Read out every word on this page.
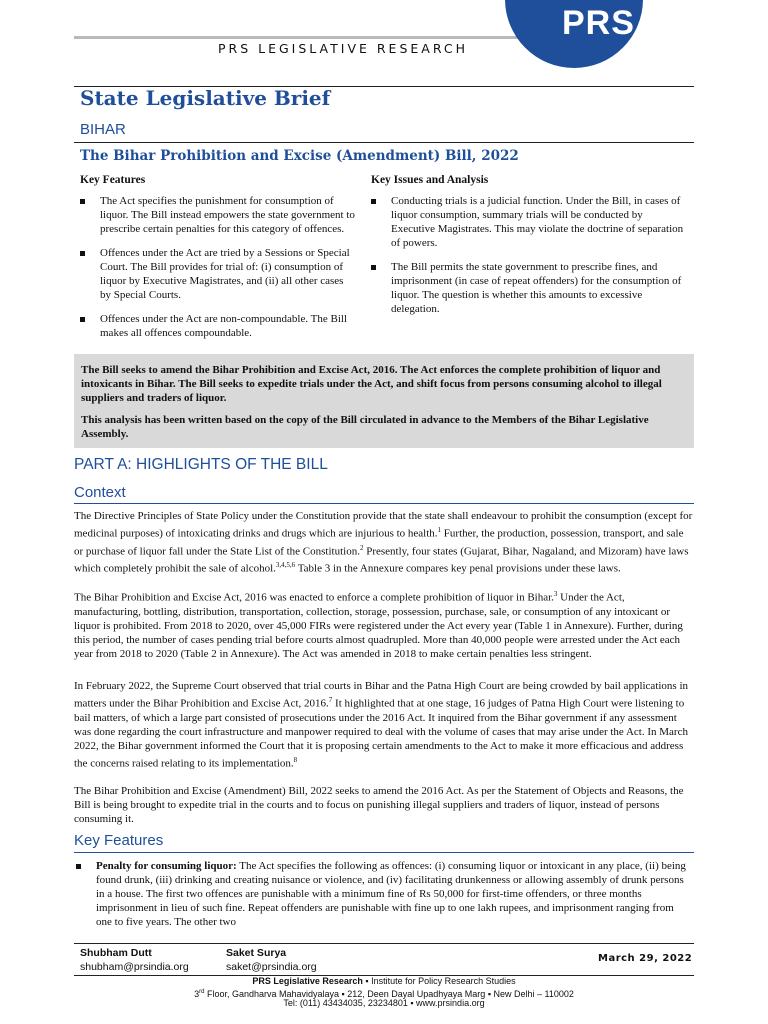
PRS
PRS LEGISLATIVE RESEARCH
State Legislative Brief
BIHAR
The Bihar Prohibition and Excise (Amendment) Bill, 2022
Key Features
The Act specifies the punishment for consumption of liquor. The Bill instead empowers the state government to prescribe certain penalties for this category of offences.
Offences under the Act are tried by a Sessions or Special Court. The Bill provides for trial of: (i) consumption of liquor by Executive Magistrates, and (ii) all other cases by Special Courts.
Offences under the Act are non-compoundable. The Bill makes all offences compoundable.
Key Issues and Analysis
Conducting trials is a judicial function. Under the Bill, in cases of liquor consumption, summary trials will be conducted by Executive Magistrates. This may violate the doctrine of separation of powers.
The Bill permits the state government to prescribe fines, and imprisonment (in case of repeat offenders) for the consumption of liquor. The question is whether this amounts to excessive delegation.

The Bill seeks to amend the Bihar Prohibition and Excise Act, 2016. The Act enforces the complete prohibition of liquor and intoxicants in Bihar. The Bill seeks to expedite trials under the Act, and shift focus from persons consuming alcohol to illegal suppliers and traders of liquor.

This analysis has been written based on the copy of the Bill circulated in advance to the Members of the Bihar Legislative Assembly.

PART A: HIGHLIGHTS OF THE BILL
Context

The Directive Principles of State Policy under the Constitution provide that the state shall endeavour to prohibit the consumption (except for medicinal purposes) of intoxicating drinks and drugs which are injurious to health.$^1$ Further, the production, possession, transport, and sale or purchase of liquor fall under the State List of the Constitution.$^2$ Presently, four states (Gujarat, Bihar, Nagaland, and Mizoram) have laws which completely prohibit the sale of alcohol.$^{3,4,5,6}$ Table 3 in the Annexure compares key penal provisions under these laws.

The Bihar Prohibition and Excise Act, 2016 was enacted to enforce a complete prohibition of liquor in Bihar.$^3$ Under the Act, manufacturing, bottling, distribution, transportation, collection, storage, possession, purchase, sale, or consumption of any intoxicant or liquor is prohibited. From 2018 to 2020, over 45,000 FIRs were registered under the Act every year (Table 1 in Annexure). Further, during this period, the number of cases pending trial before courts almost quadrupled. More than 40,000 people were arrested under the Act each year from 2018 to 2020 (Table 2 in Annexure). The Act was amended in 2018 to make certain penalties less stringent.

In February 2022, the Supreme Court observed that trial courts in Bihar and the Patna High Court are being crowded by bail applications in matters under the Bihar Prohibition and Excise Act, 2016.$^7$ It highlighted that at one stage, 16 judges of Patna High Court were listening to bail matters, of which a large part consisted of prosecutions under the 2016 Act. It inquired from the Bihar government if any assessment was done regarding the court infrastructure and manpower required to deal with the volume of cases that may arise under the Act. In March 2022, the Bihar government informed the Court that it is proposing certain amendments to the Act to make it more efficacious and address the concerns raised relating to its implementation.$^8$

The Bihar Prohibition and Excise (Amendment) Bill, 2022 seeks to amend the 2016 Act. As per the Statement of Objects and Reasons, the Bill is being brought to expedite trial in the courts and to focus on punishing illegal suppliers and traders of liquor, instead of persons consuming it.

Key Features
Penalty for consuming liquor: The Act specifies the following as offences: (i) consuming liquor or intoxicant in any place, (ii) being found drunk, (iii) drinking and creating nuisance or violence, and (iv) facilitating drunkenness or allowing assembly of drunk persons in a house. The first two offences are punishable with a minimum fine of Rs 50,000 for first-time offenders, or three months imprisonment in lieu of such fine. Repeat offenders are punishable with fine up to one lakh rupees, and imprisonment ranging from one to five years. The other two
Shubham Dutt
shubham@prsindia.org
Saket Surya
saket@prsindia.org
March 29, 2022
PRS Legislative Research ▪ Institute for Policy Research Studies
3rd Floor, Gandharva Mahavidyalaya ▪ 212, Deen Dayal Upadhyaya Marg ▪ New Delhi – 110002
Tel: (011) 43434035, 23234801 ▪ www.prsindia.org
